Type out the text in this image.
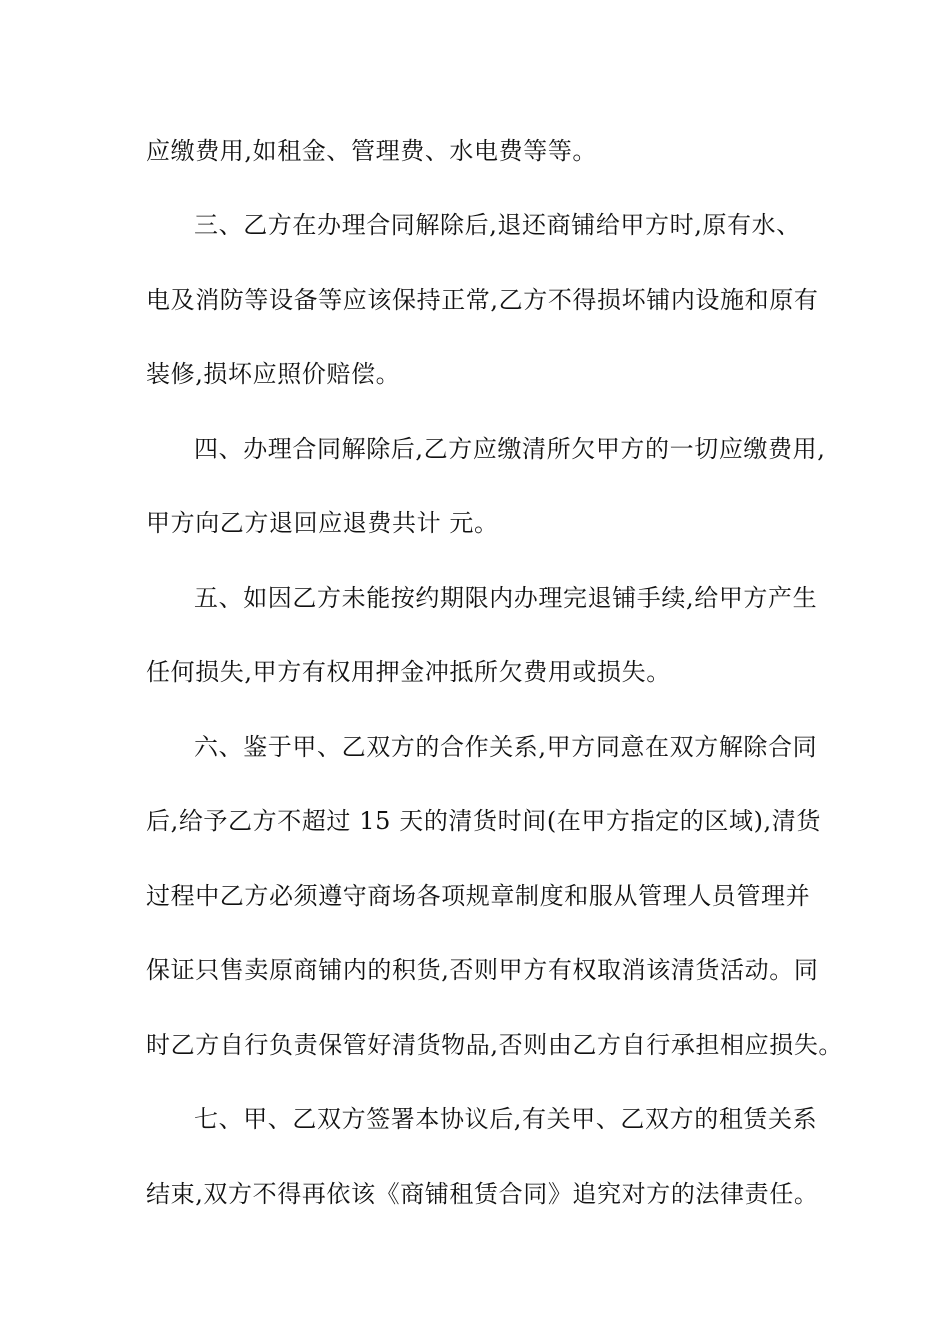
应缴费用,如租金、管理费、水电费等等。
三、乙方在办理合同解除后,退还商铺给甲方时,原有水、
电及消防等设备等应该保持正常,乙方不得损坏铺内设施和原有
装修,损坏应照价赔偿。
四、办理合同解除后,乙方应缴清所欠甲方的一切应缴费用,
甲方向乙方退回应退费共计 元。
五、如因乙方未能按约期限内办理完退铺手续,给甲方产生
任何损失,甲方有权用押金冲抵所欠费用或损失。
六、鉴于甲、乙双方的合作关系,甲方同意在双方解除合同
后,给予乙方不超过 15 天的清货时间(在甲方指定的区域),清货
过程中乙方必须遵守商场各项规章制度和服从管理人员管理并
保证只售卖原商铺内的积货,否则甲方有权取消该清货活动。同
时乙方自行负责保管好清货物品,否则由乙方自行承担相应损失。
七、甲、乙双方签署本协议后,有关甲、乙双方的租赁关系
结束,双方不得再依该《商铺租赁合同》追究对方的法律责任。
